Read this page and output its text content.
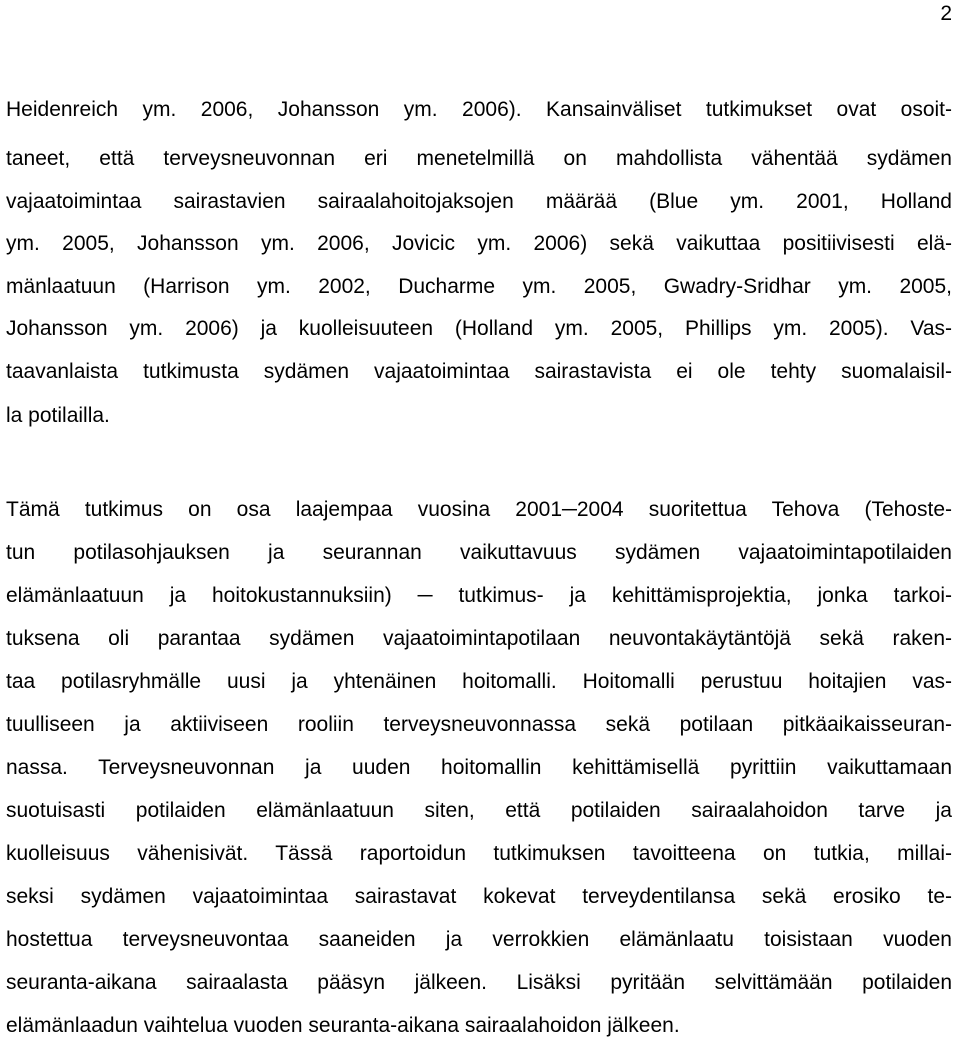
2
Heidenreich ym. 2006, Johansson ym. 2006). Kansainväliset tutkimukset ovat osoit-
taneet, että terveysneuvonnan eri menetelmillä on mahdollista vähentää sydämen
vajaatoimintaa sairastavien sairaalahoitojaksojen määrää (Blue ym. 2001, Holland
ym. 2005, Johansson ym. 2006, Jovicic ym. 2006) sekä vaikuttaa positiivisesti elä-
mänlaatuun (Harrison ym. 2002, Ducharme ym. 2005, Gwadry-Sridhar ym. 2005,
Johansson ym. 2006) ja kuolleisuuteen (Holland ym. 2005, Phillips ym. 2005). Vas-
taavanlaista tutkimusta sydämen vajaatoimintaa sairastavista ei ole tehty suomalaisil-
la potilailla.
Tämä tutkimus on osa laajempaa vuosina 2001─2004 suoritettua Tehova (Tehoste-
tun potilasohjauksen ja seurannan vaikuttavuus sydämen vajaatoimintapotilaiden
elämänlaatuun ja hoitokustannuksiin) ─ tutkimus- ja kehittämisprojektia, jonka tarkoi-
tuksena oli parantaa sydämen vajaatoimintapotilaan neuvontakäytäntöjä sekä raken-
taa potilasryhmälle uusi ja yhtenäinen hoitomalli. Hoitomalli perustuu hoitajien vas-
tuulliseen ja aktiiviseen rooliin terveysneuvonnassa sekä potilaan pitkäaikaisseuran-
nassa. Terveysneuvonnan ja uuden hoitomallin kehittämisellä pyrittiin vaikuttamaan
suotuisasti potilaiden elämänlaatuun siten, että potilaiden sairaalahoidon tarve ja
kuolleisuus vähenisivät. Tässä raportoidun tutkimuksen tavoitteena on tutkia, millai-
seksi sydämen vajaatoimintaa sairastavat kokevat terveydentilansa sekä erosiko te-
hostettua terveysneuvontaa saaneiden ja verrokkien elämänlaatu toisistaan vuoden
seuranta-aikana sairaalasta pääsyn jälkeen. Lisäksi pyritään selvittämään potilaiden
elämänlaadun vaihtelua vuoden seuranta-aikana sairaalahoidon jälkeen.
